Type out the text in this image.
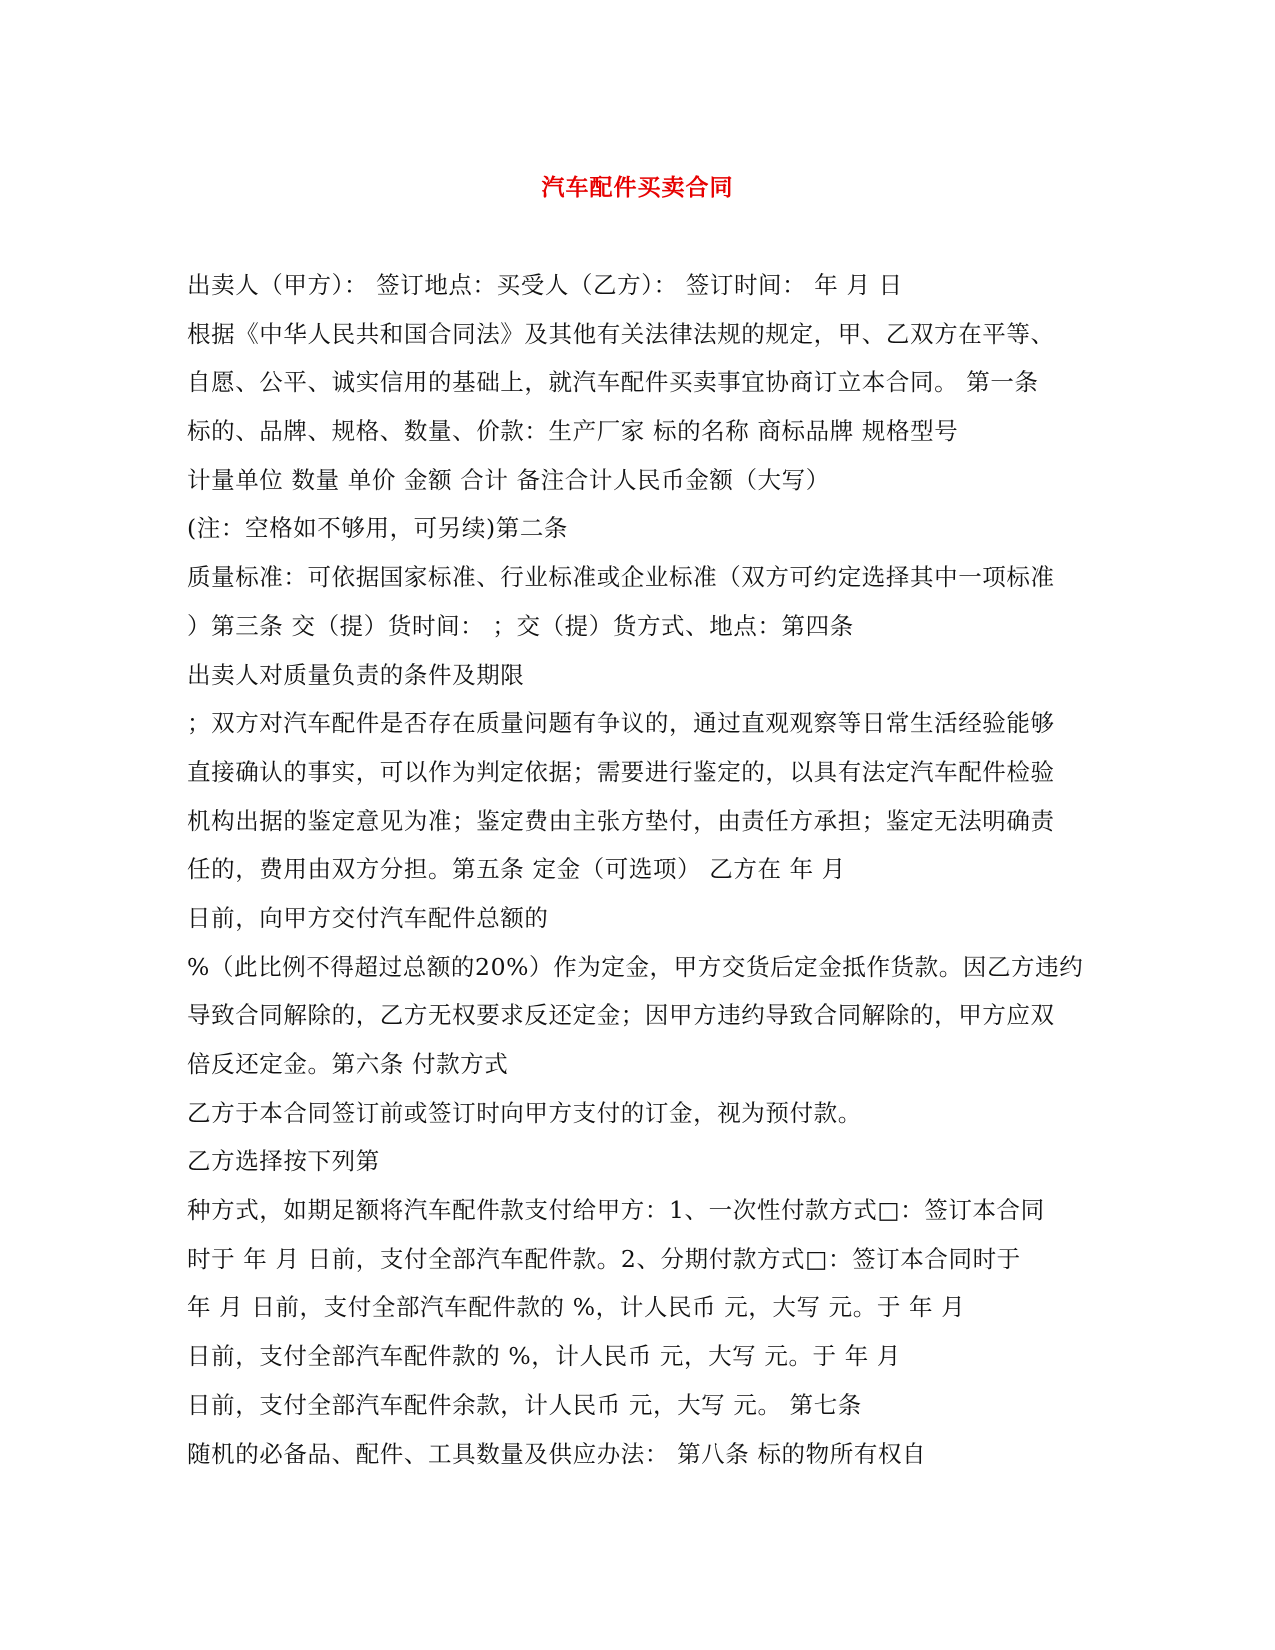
汽车配件买卖合同
出卖人（甲方）： 签订地点：买受人（乙方）： 签订时间： 年 月 日
根据《中华人民共和国合同法》及其他有关法律法规的规定，甲、乙双方在平等、
自愿、公平、诚实信用的基础上，就汽车配件买卖事宜协商订立本合同。 第一条
标的、品牌、规格、数量、价款：生产厂家 标的名称 商标品牌 规格型号
计量单位 数量 单价 金额 合计 备注合计人民币金额（大写）
(注：空格如不够用，可另续)第二条
质量标准：可依据国家标准、行业标准或企业标准（双方可约定选择其中一项标准
）第三条 交（提）货时间： ；交（提）货方式、地点：第四条
出卖人对质量负责的条件及期限
；双方对汽车配件是否存在质量问题有争议的，通过直观观察等日常生活经验能够
直接确认的事实，可以作为判定依据；需要进行鉴定的，以具有法定汽车配件检验
机构出据的鉴定意见为准；鉴定费由主张方垫付，由责任方承担；鉴定无法明确责
任的，费用由双方分担。第五条 定金（可选项） 乙方在 年 月
日前，向甲方交付汽车配件总额的
%（此比例不得超过总额的20%）作为定金，甲方交货后定金抵作货款。因乙方违约
导致合同解除的，乙方无权要求反还定金；因甲方违约导致合同解除的，甲方应双
倍反还定金。第六条 付款方式
乙方于本合同签订前或签订时向甲方支付的订金，视为预付款。
乙方选择按下列第
种方式，如期足额将汽车配件款支付给甲方：1、一次性付款方式□：签订本合同
时于 年 月 日前，支付全部汽车配件款。2、分期付款方式□：签订本合同时于
年 月 日前，支付全部汽车配件款的 %，计人民币 元，大写 元。于 年 月
日前，支付全部汽车配件款的 %，计人民币 元，大写 元。于 年 月
日前，支付全部汽车配件余款，计人民币 元，大写 元。 第七条
随机的必备品、配件、工具数量及供应办法： 第八条 标的物所有权自
